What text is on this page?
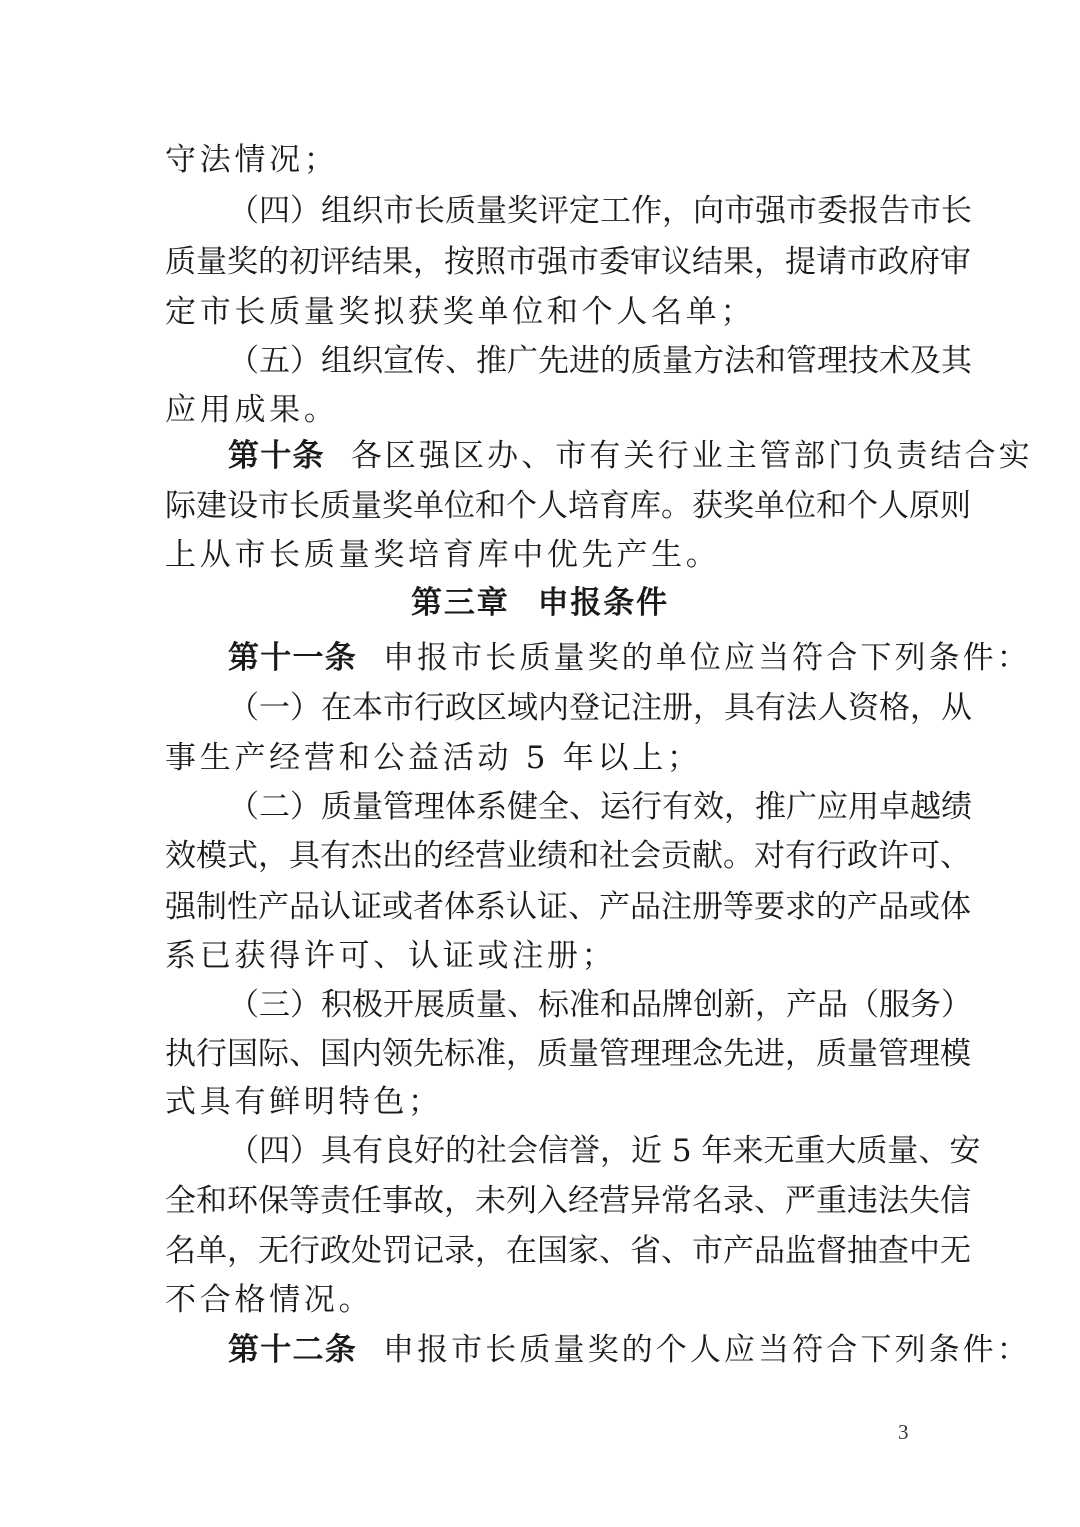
守法情况；
（四）组织市长质量奖评定工作，向市强市委报告市长
质量奖的初评结果，按照市强市委审议结果，提请市政府审
定市长质量奖拟获奖单位和个人名单；
（五）组织宣传、推广先进的质量方法和管理技术及其
应用成果。
第十条 各区强区办、市有关行业主管部门负责结合实
际建设市长质量奖单位和个人培育库。获奖单位和个人原则
上从市长质量奖培育库中优先产生。
第三章 申报条件
第十一条 申报市长质量奖的单位应当符合下列条件：
（一）在本市行政区域内登记注册，具有法人资格，从
事生产经营和公益活动 5 年以上；
（二）质量管理体系健全、运行有效，推广应用卓越绩
效模式，具有杰出的经营业绩和社会贡献。对有行政许可、
强制性产品认证或者体系认证、产品注册等要求的产品或体
系已获得许可、认证或注册；
（三）积极开展质量、标准和品牌创新，产品（服务）
执行国际、国内领先标准，质量管理理念先进，质量管理模
式具有鲜明特色；
（四）具有良好的社会信誉，近 5 年来无重大质量、安
全和环保等责任事故，未列入经营异常名录、严重违法失信
名单，无行政处罚记录，在国家、省、市产品监督抽查中无
不合格情况。
第十二条 申报市长质量奖的个人应当符合下列条件：
3
